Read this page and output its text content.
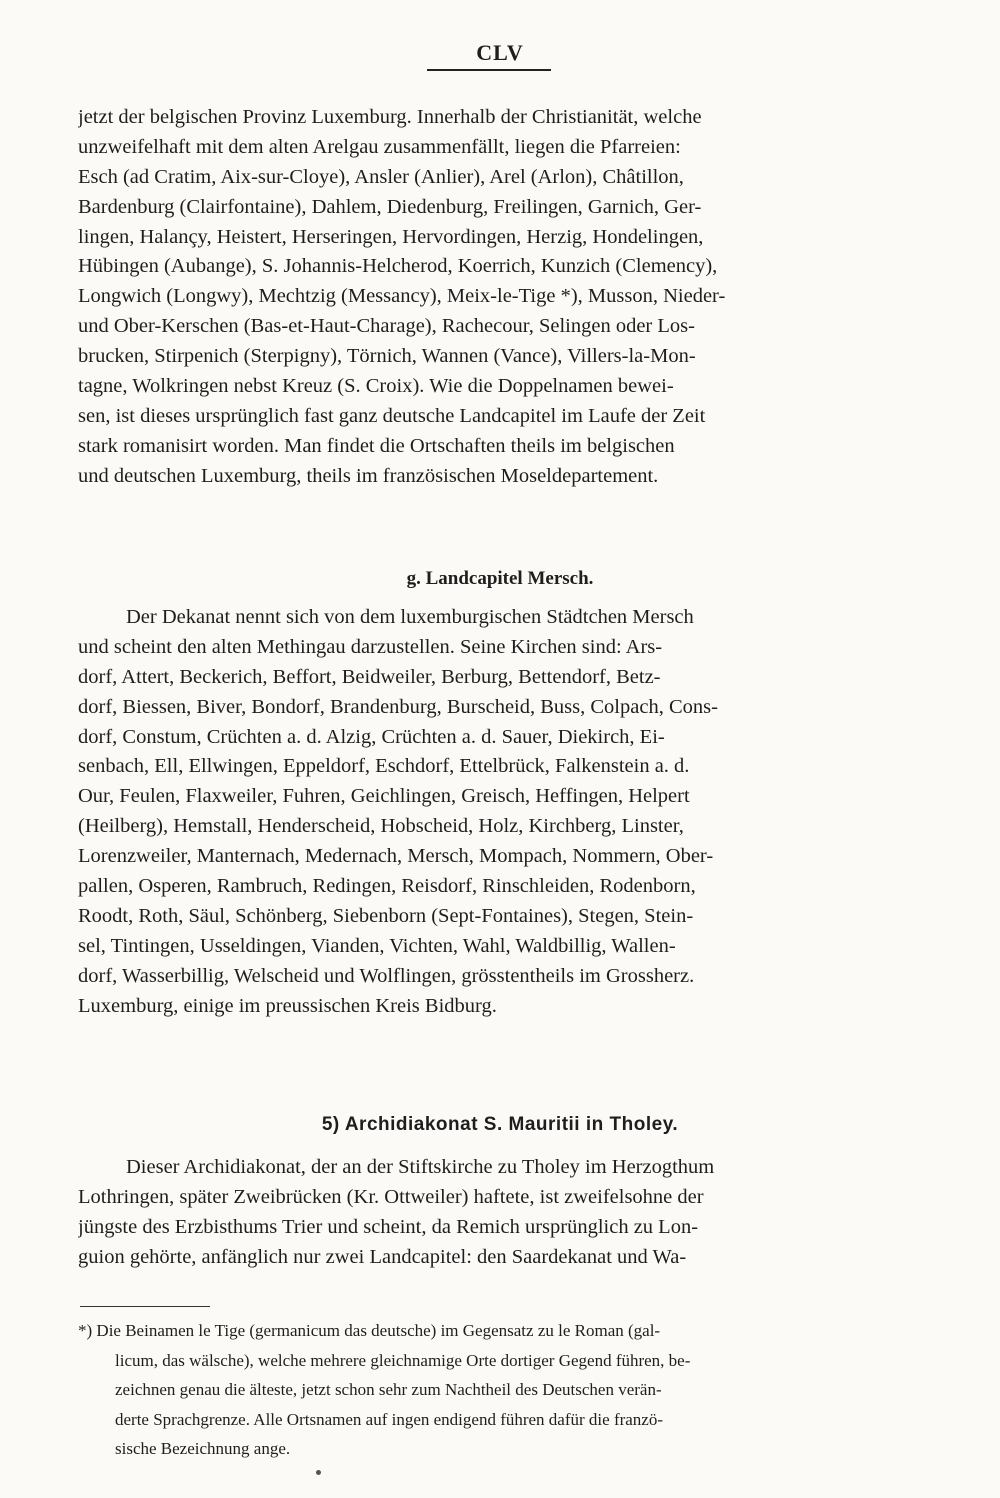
CLV
jetzt der belgischen Provinz Luxemburg. Innerhalb der Christianität, welche
unzweifelhaft mit dem alten Arelgau zusammenfällt, liegen die Pfarreien:
Esch (ad Cratim, Aix-sur-Cloye), Ansler (Anlier), Arel (Arlon), Châtillon,
Bardenburg (Clairfontaine), Dahlem, Diedenburg, Freilingen, Garnich, Ger-
lingen, Halançy, Heistert, Herseringen, Hervordingen, Herzig, Hondelingen,
Hübingen (Aubange), S. Johannis-Helcherod, Koerrich, Kunzich (Clemency),
Longwich (Longwy), Mechtzig (Messancy), Meix-le-Tige *), Musson, Nieder-
und Ober-Kerschen (Bas-et-Haut-Charage), Rachecour, Selingen oder Los-
brucken, Stirpenich (Sterpigny), Törnich, Wannen (Vance), Villers-la-Mon-
tagne, Wolkringen nebst Kreuz (S. Croix). Wie die Doppelnamen bewei-
sen, ist dieses ursprünglich fast ganz deutsche Landcapitel im Laufe der Zeit
stark romanisirt worden. Man findet die Ortschaften theils im belgischen
und deutschen Luxemburg, theils im französischen Moseldepartement.
g. Landcapitel Mersch.
Der Dekanat nennt sich von dem luxemburgischen Städtchen Mersch
und scheint den alten Methingau darzustellen. Seine Kirchen sind: Ars-
dorf, Attert, Beckerich, Beffort, Beidweiler, Berburg, Bettendorf, Betz-
dorf, Biessen, Biver, Bondorf, Brandenburg, Burscheid, Buss, Colpach, Cons-
dorf, Constum, Crüchten a. d. Alzig, Crüchten a. d. Sauer, Diekirch, Ei-
senbach, Ell, Ellwingen, Eppeldorf, Eschdorf, Ettelbrück, Falkenstein a. d.
Our, Feulen, Flaxweiler, Fuhren, Geichlingen, Greisch, Heffingen, Helpert
(Heilberg), Hemstall, Henderscheid, Hobscheid, Holz, Kirchberg, Linster,
Lorenzweiler, Manternach, Medernach, Mersch, Mompach, Nommern, Ober-
pallen, Osperen, Rambruch, Redingen, Reisdorf, Rinschleiden, Rodenborn,
Roodt, Roth, Säul, Schönberg, Siebenborn (Sept-Fontaines), Stegen, Stein-
sel, Tintingen, Usseldingen, Vianden, Vichten, Wahl, Waldbillig, Wallen-
dorf, Wasserbillig, Welscheid und Wolflingen, grösstentheils im Grossherz.
Luxemburg, einige im preussischen Kreis Bidburg.
5) Archidiakonat S. Mauritii in Tholey.
Dieser Archidiakonat, der an der Stiftskirche zu Tholey im Herzogthum
Lothringen, später Zweibrücken (Kr. Ottweiler) haftete, ist zweifelsohne der
jüngste des Erzbisthums Trier und scheint, da Remich ursprünglich zu Lon-
guion gehörte, anfänglich nur zwei Landcapitel: den Saardekanat und Wa-
*) Die Beinamen le Tige (germanicum das deutsche) im Gegensatz zu le Roman (gal-
licum, das wälsche), welche mehrere gleichnamige Orte dortiger Gegend führen, be-
zeichnen genau die älteste, jetzt schon sehr zum Nachtheil des Deutschen verän-
derte Sprachgrenze. Alle Ortsnamen auf ingen endigend führen dafür die franzö-
sische Bezeichnung ange.
